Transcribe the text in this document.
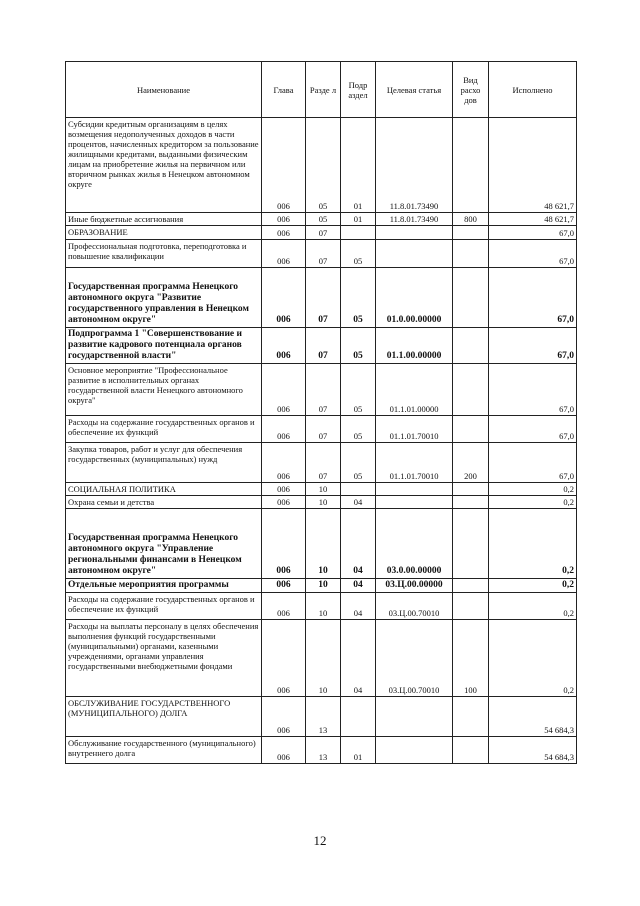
Наименование	Глава	Разде л	Подр аздел	Целевая статья	Вид расхо дов	Исполнено
Субсидии кредитным организациям в целях возмещения недополученных доходов в части процентов, начисленных кредитором за пользование жилищными кредитами, выданными физическим лицам на приобретение жилья на первичном или вторичном рынках жилья в Ненецком автономном округе	006	05	01	11.8.01.73490		48 621,7
Иные бюджетные ассигнования	006	05	01	11.8.01.73490	800	48 621,7
ОБРАЗОВАНИЕ	006	07				67,0
Профессиональная подготовка, переподготовка и повышение квалификации	006	07	05			67,0
Государственная программа Ненецкого автономного округа "Развитие государственного управления в Ненецком автономном округе"	006	07	05	01.0.00.00000		67,0
Подпрограмма 1 "Совершенствование и развитие кадрового потенциала органов государственной власти"	006	07	05	01.1.00.00000		67,0
Основное мероприятие "Профессиональное развитие в исполнительных органах государственной власти Ненецкого автономного округа"	006	07	05	01.1.01.00000		67,0
Расходы на содержание государственных органов и обеспечение их функций	006	07	05	01.1.01.70010		67,0
Закупка товаров, работ и услуг для обеспечения государственных (муниципальных) нужд	006	07	05	01.1.01.70010	200	67,0
СОЦИАЛЬНАЯ ПОЛИТИКА	006	10				0,2
Охрана семьи и детства	006	10	04			0,2
Государственная программа Ненецкого автономного округа "Управление региональными финансами в Ненецком автономном округе"	006	10	04	03.0.00.00000		0,2
Отдельные мероприятия программы	006	10	04	03.Ц.00.00000		0,2
Расходы на содержание государственных органов и обеспечение их функций	006	10	04	03.Ц.00.70010		0,2
Расходы на выплаты персоналу в целях обеспечения выполнения функций государственными (муниципальными) органами, казенными учреждениями, органами управления государственными внебюджетными фондами	006	10	04	03.Ц.00.70010	100	0,2
ОБСЛУЖИВАНИЕ ГОСУДАРСТВЕННОГО (МУНИЦИПАЛЬНОГО) ДОЛГА	006	13				54 684,3
Обслуживание государственного (муниципального) внутреннего долга	006	13	01			54 684,3
12
